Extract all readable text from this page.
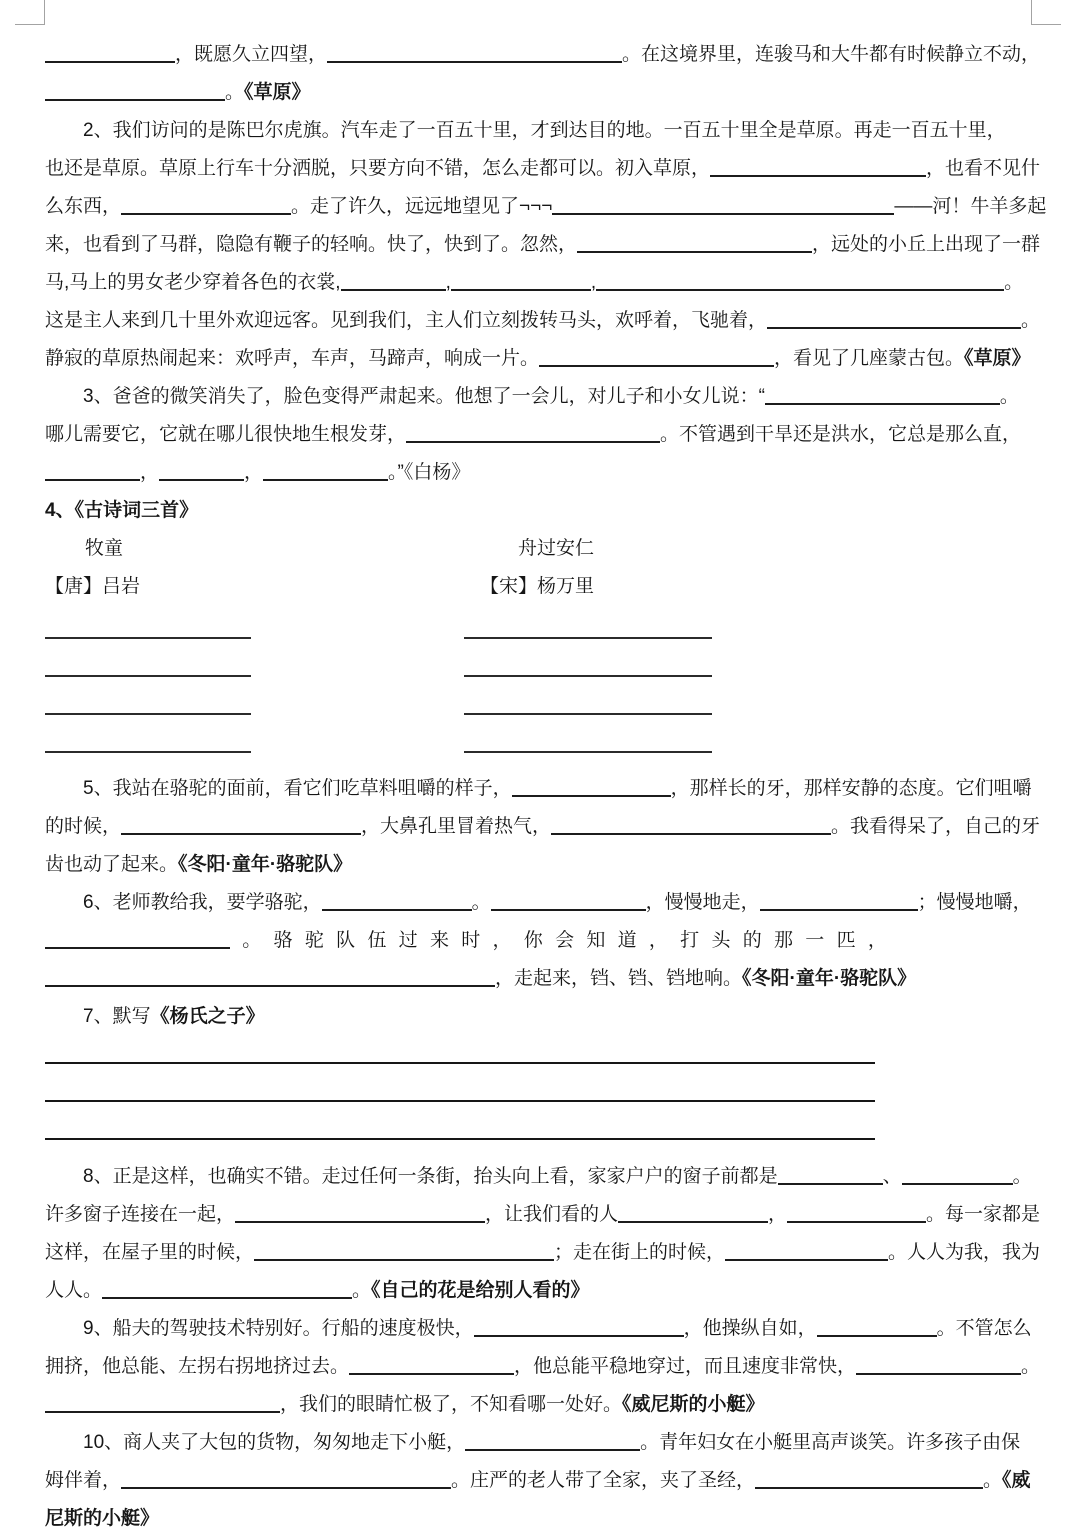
，既愿久立四望，	。在这境界里，连骏马和大牛都有时候静立不动，
。《草原》
2、我们访问的是陈巴尔虎旗。汽车走了一百五十里，才到达目的地。一百五十里全是草原。再走一百五十里，
也还是草原。草原上行车十分洒脱，只要方向不错，怎么走都可以。初入草原，	，也看不见什
么东西，	。走了许久，远远地望见了¬¬¬	——河！牛羊多起
来，也看到了马群，隐隐有鞭子的轻响。快了，快到了。忽然，	，远处的小丘上出现了一群
马,马上的男女老少穿着各色的衣裳,	,	,	。
这是主人来到几十里外欢迎远客。见到我们，主人们立刻拨转马头，欢呼着，飞驰着，	。
静寂的草原热闹起来：欢呼声，车声，马蹄声，响成一片。	，看见了几座蒙古包。《草原》
3、爸爸的微笑消失了，脸色变得严肃起来。他想了一会儿，对儿子和小女儿说：“	。
哪儿需要它，它就在哪儿很快地生根发芽，	。不管遇到干旱还是洪水，它总是那么直，
，	，	。”《白杨》
4、《古诗词三首》
牧童	舟过安仁
【唐】吕岩	【宋】杨万里
5、我站在骆驼的面前，看它们吃草料咀嚼的样子，	，那样长的牙，那样安静的态度。它们咀嚼
的时候，	，大鼻孔里冒着热气，	。我看得呆了，自己的牙
齿也动了起来。《冬阳·童年·骆驼队》
6、老师教给我，要学骆驼，	。	，慢慢地走，	；慢慢地嚼，
。 骆 驼 队 伍 过 来 时 ， 你 会 知 道 ， 打 头 的 那 一 匹 ，
，走起来，铛、铛、铛地响。《冬阳·童年·骆驼队》
7、默写《杨氏之子》
8、正是这样，也确实不错。走过任何一条街，抬头向上看，家家户户的窗子前都是	、	。
许多窗子连接在一起，	，让我们看的人	，	。每一家都是
这样，在屋子里的时候，	；走在街上的时候，	。人人为我，我为
人人。	。《自己的花是给别人看的》
9、船夫的驾驶技术特别好。行船的速度极快，	，他操纵自如，	。不管怎么
拥挤，他总能、左拐右拐地挤过去。	，他总能平稳地穿过，而且速度非常快，	。
，我们的眼睛忙极了，不知看哪一处好。《威尼斯的小艇》
10、商人夹了大包的货物，匆匆地走下小艇，	。青年妇女在小艇里高声谈笑。许多孩子由保
姆伴着，	。庄严的老人带了全家，夹了圣经，	。《威
尼斯的小艇》
